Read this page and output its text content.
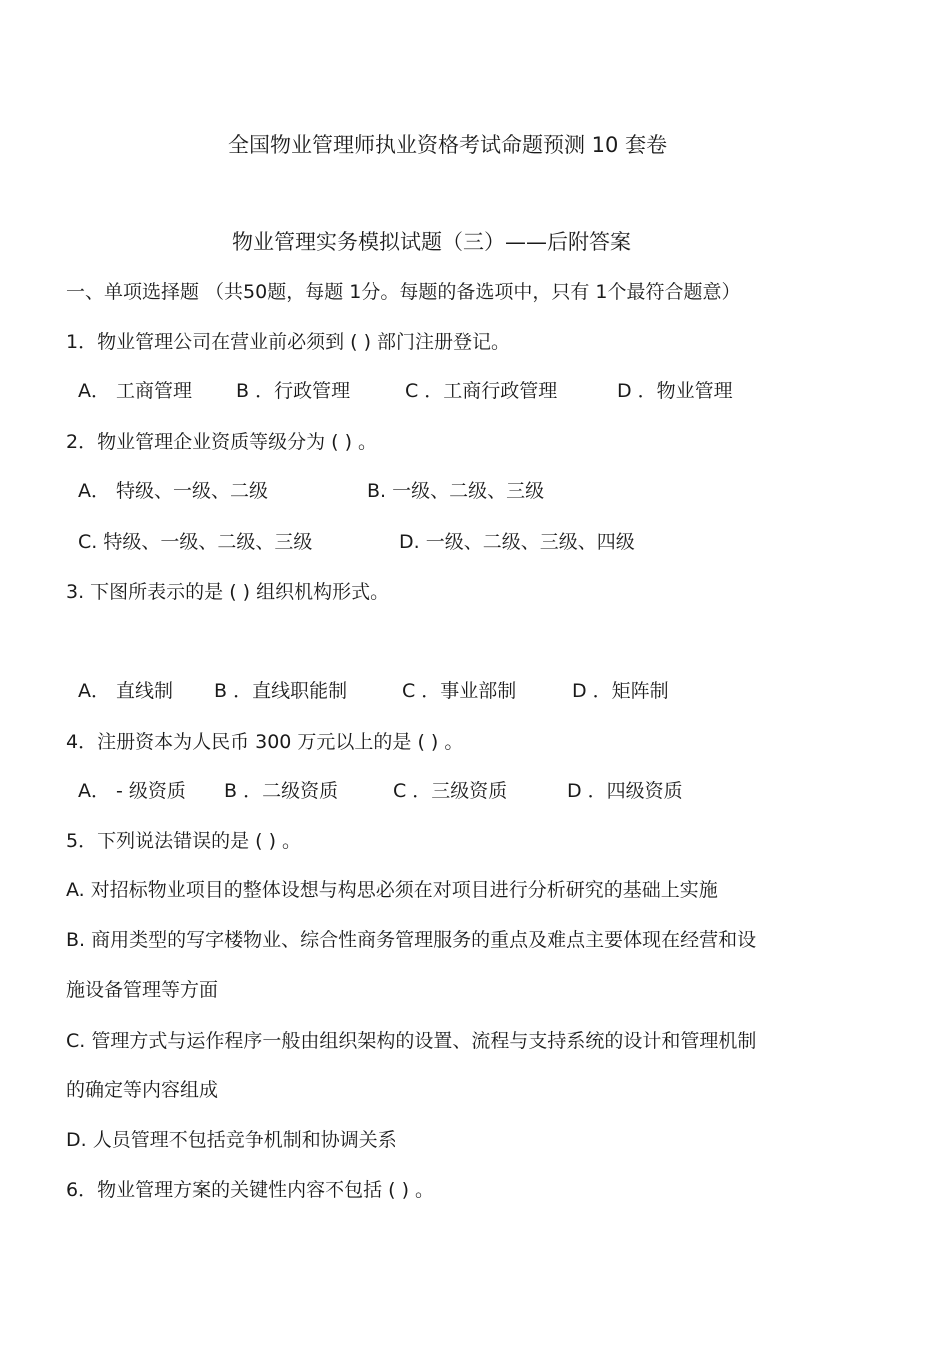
全国物业管理师执业资格考试命题预测 10 套卷

物业管理实务模拟试题（三）——后附答案

一、单项选择题 （共50题，每题 1分。每题的备选项中，只有 1个最符合题意）

1．物业管理公司在营业前必须到 ( ) 部门注册登记。

A． 工商管理 B ．行政管理	C ．工商行政管理	D ．物业管理

2．物业管理企业资质等级分为 ( ) 。

A． 特级、一级、二级	B. 一级、二级、三级
C. 特级、一级、二级、三级	D. 一级、二级、三级、四级

3. 下图所表示的是 ( ) 组织机构形式。

A． 直线制 B ．直线职能制	C ．事业部制	D ．矩阵制

4．注册资本为人民币 300 万元以上的是 ( ) 。

A． - 级资质 B ．二级资质	C ．三级资质	D ．四级资质

5．下列说法错误的是 ( ) 。

A. 对招标物业项目的整体设想与构思必须在对项目进行分析研究的基础上实施

B. 商用类型的写字楼物业、综合性商务管理服务的重点及难点主要体现在经营和设

施设备管理等方面

C. 管理方式与运作程序一般由组织架构的设置、流程与支持系统的设计和管理机制

的确定等内容组成

D. 人员管理不包括竞争机制和协调关系

6．物业管理方案的关键性内容不包括 ( ) 。
